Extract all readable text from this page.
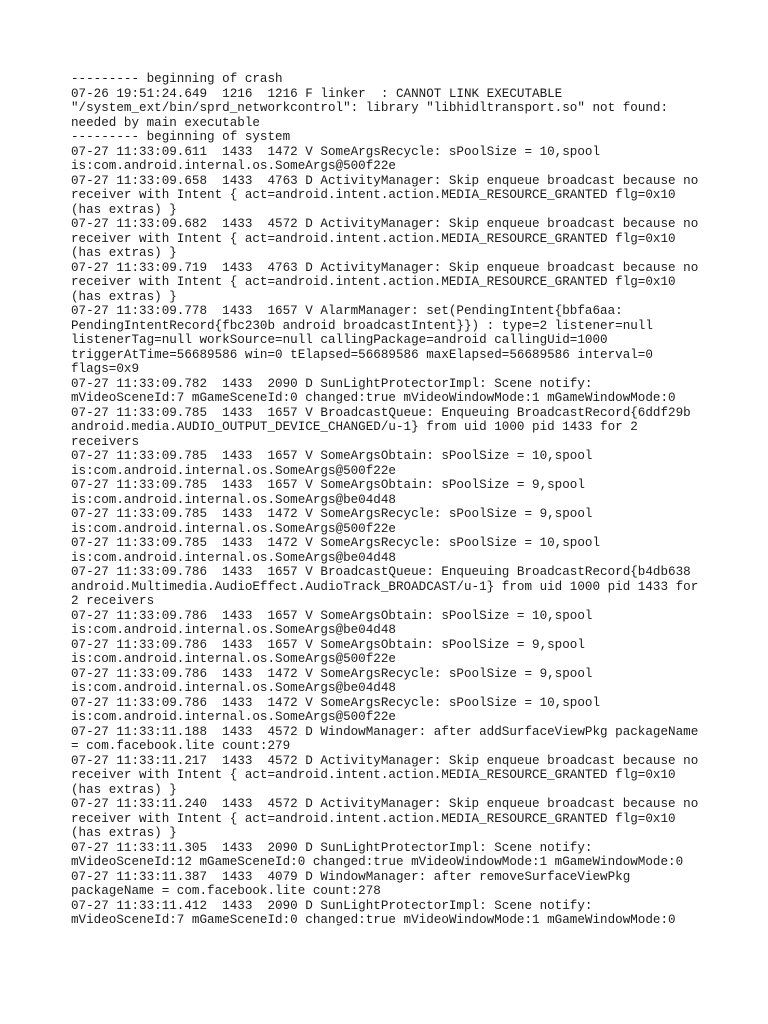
--------- beginning of crash
07-26 19:51:24.649  1216  1216 F linker  : CANNOT LINK EXECUTABLE
"/system_ext/bin/sprd_networkcontrol": library "libhidltransport.so" not found:
needed by main executable
--------- beginning of system
07-27 11:33:09.611  1433  1472 V SomeArgsRecycle: sPoolSize = 10,spool
is:com.android.internal.os.SomeArgs@500f22e
07-27 11:33:09.658  1433  4763 D ActivityManager: Skip enqueue broadcast because no
receiver with Intent { act=android.intent.action.MEDIA_RESOURCE_GRANTED flg=0x10
(has extras) }
07-27 11:33:09.682  1433  4572 D ActivityManager: Skip enqueue broadcast because no
receiver with Intent { act=android.intent.action.MEDIA_RESOURCE_GRANTED flg=0x10
(has extras) }
07-27 11:33:09.719  1433  4763 D ActivityManager: Skip enqueue broadcast because no
receiver with Intent { act=android.intent.action.MEDIA_RESOURCE_GRANTED flg=0x10
(has extras) }
07-27 11:33:09.778  1433  1657 V AlarmManager: set(PendingIntent{bbfa6aa:
PendingIntentRecord{fbc230b android broadcastIntent}}) : type=2 listener=null
listenerTag=null workSource=null callingPackage=android callingUid=1000
triggerAtTime=56689586 win=0 tElapsed=56689586 maxElapsed=56689586 interval=0
flags=0x9
07-27 11:33:09.782  1433  2090 D SunLightProtectorImpl: Scene notify:
mVideoSceneId:7 mGameSceneId:0 changed:true mVideoWindowMode:1 mGameWindowMode:0
07-27 11:33:09.785  1433  1657 V BroadcastQueue: Enqueuing BroadcastRecord{6ddf29b
android.media.AUDIO_OUTPUT_DEVICE_CHANGED/u-1} from uid 1000 pid 1433 for 2
receivers
07-27 11:33:09.785  1433  1657 V SomeArgsObtain: sPoolSize = 10,spool
is:com.android.internal.os.SomeArgs@500f22e
07-27 11:33:09.785  1433  1657 V SomeArgsObtain: sPoolSize = 9,spool
is:com.android.internal.os.SomeArgs@be04d48
07-27 11:33:09.785  1433  1472 V SomeArgsRecycle: sPoolSize = 9,spool
is:com.android.internal.os.SomeArgs@500f22e
07-27 11:33:09.785  1433  1472 V SomeArgsRecycle: sPoolSize = 10,spool
is:com.android.internal.os.SomeArgs@be04d48
07-27 11:33:09.786  1433  1657 V BroadcastQueue: Enqueuing BroadcastRecord{b4db638
android.Multimedia.AudioEffect.AudioTrack_BROADCAST/u-1} from uid 1000 pid 1433 for
2 receivers
07-27 11:33:09.786  1433  1657 V SomeArgsObtain: sPoolSize = 10,spool
is:com.android.internal.os.SomeArgs@be04d48
07-27 11:33:09.786  1433  1657 V SomeArgsObtain: sPoolSize = 9,spool
is:com.android.internal.os.SomeArgs@500f22e
07-27 11:33:09.786  1433  1472 V SomeArgsRecycle: sPoolSize = 9,spool
is:com.android.internal.os.SomeArgs@be04d48
07-27 11:33:09.786  1433  1472 V SomeArgsRecycle: sPoolSize = 10,spool
is:com.android.internal.os.SomeArgs@500f22e
07-27 11:33:11.188  1433  4572 D WindowManager: after addSurfaceViewPkg packageName
= com.facebook.lite count:279
07-27 11:33:11.217  1433  4572 D ActivityManager: Skip enqueue broadcast because no
receiver with Intent { act=android.intent.action.MEDIA_RESOURCE_GRANTED flg=0x10
(has extras) }
07-27 11:33:11.240  1433  4572 D ActivityManager: Skip enqueue broadcast because no
receiver with Intent { act=android.intent.action.MEDIA_RESOURCE_GRANTED flg=0x10
(has extras) }
07-27 11:33:11.305  1433  2090 D SunLightProtectorImpl: Scene notify:
mVideoSceneId:12 mGameSceneId:0 changed:true mVideoWindowMode:1 mGameWindowMode:0
07-27 11:33:11.387  1433  4079 D WindowManager: after removeSurfaceViewPkg
packageName = com.facebook.lite count:278
07-27 11:33:11.412  1433  2090 D SunLightProtectorImpl: Scene notify:
mVideoSceneId:7 mGameSceneId:0 changed:true mVideoWindowMode:1 mGameWindowMode:0
